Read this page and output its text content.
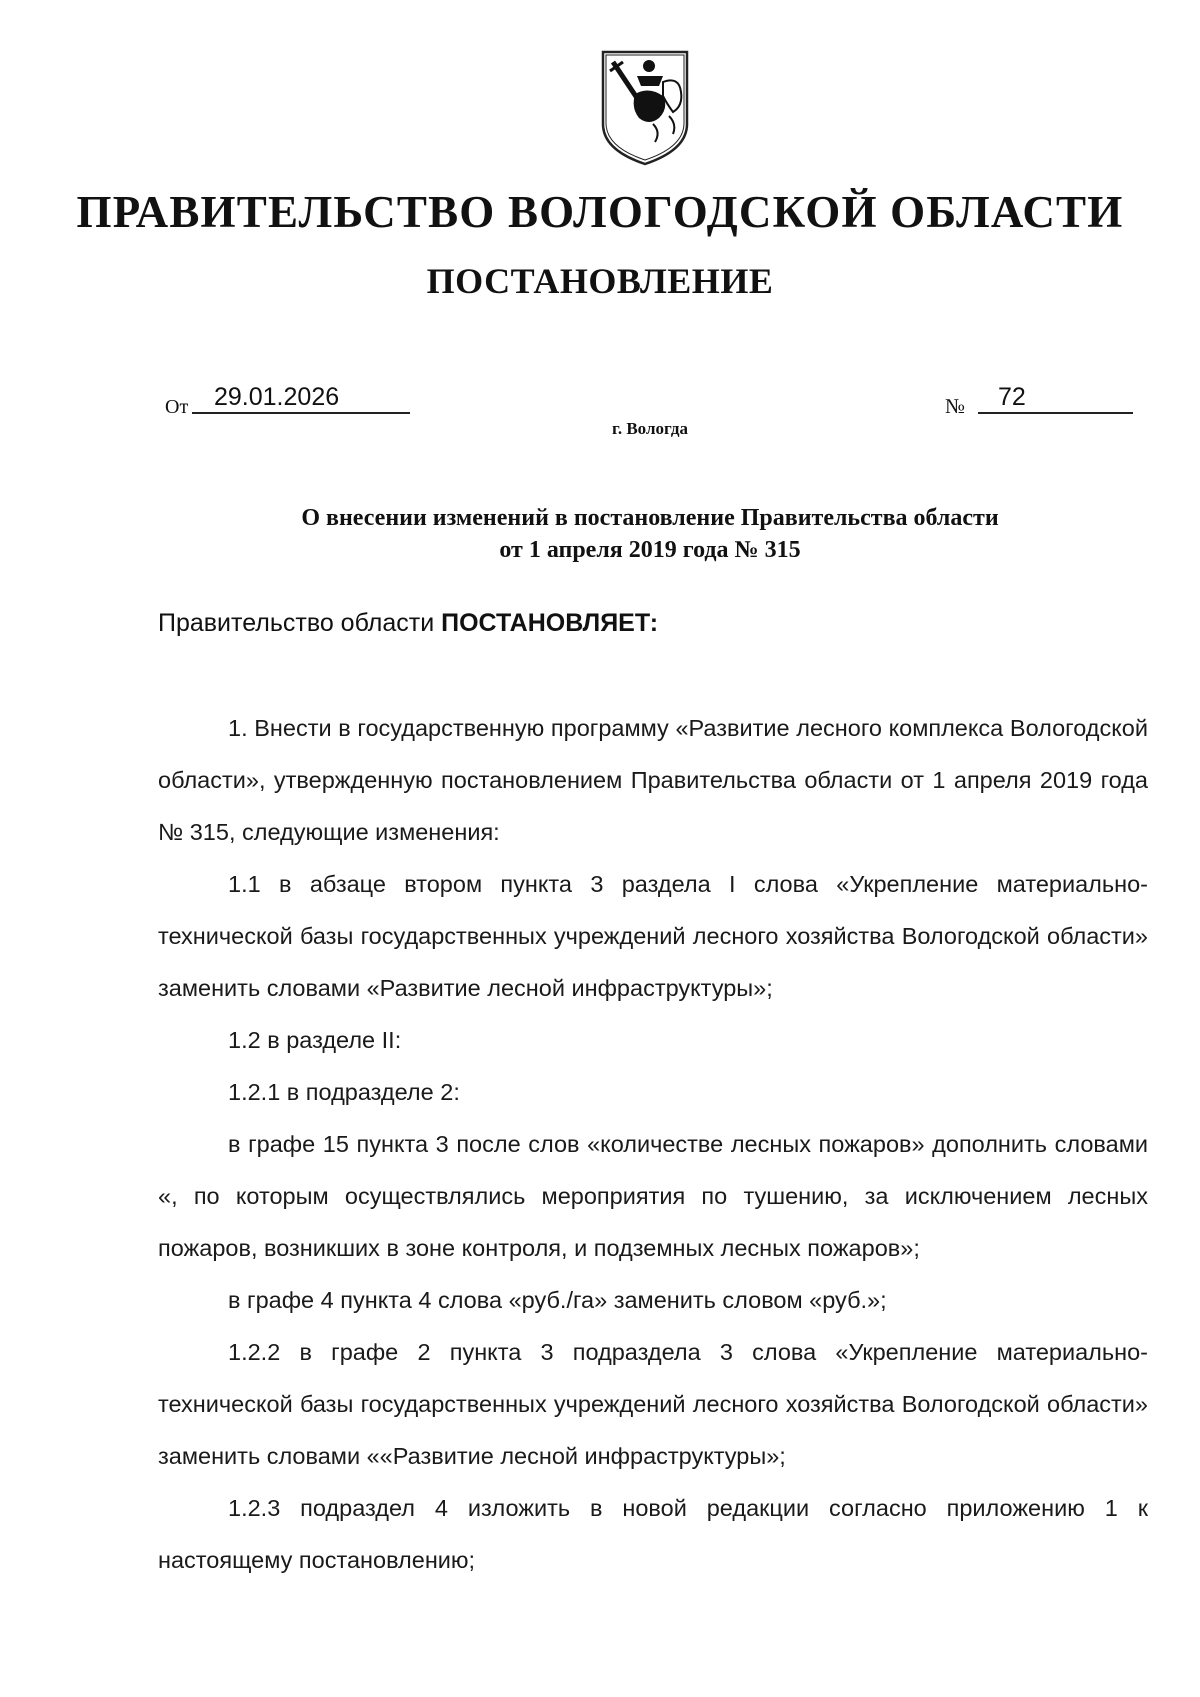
ПРАВИТЕЛЬСТВО ВОЛОГОДСКОЙ ОБЛАСТИ
ПОСТАНОВЛЕНИЕ
От	29.01.2026	№	72
г. Вологда
О внесении изменений в постановление Правительства области
от 1 апреля 2019 года № 315
Правительство области ПОСТАНОВЛЯЕТ:

1. Внести в государственную программу «Развитие лесного комплекса Вологодской области», утвержденную постановлением Правительства области от 1 апреля 2019 года № 315, следующие изменения:

1.1 в абзаце втором пункта 3 раздела I слова «Укрепление материально-технической базы государственных учреждений лесного хозяйства Вологодской области» заменить словами «Развитие лесной инфраструктуры»;

1.2 в разделе II:

1.2.1 в подразделе 2:

в графе 15 пункта 3 после слов «количестве лесных пожаров» дополнить словами «, по которым осуществлялись мероприятия по тушению, за исключением лесных пожаров, возникших в зоне контроля, и подземных лесных пожаров»;

в графе 4 пункта 4 слова «руб./га» заменить словом «руб.»;

1.2.2 в графе 2 пункта 3 подраздела 3 слова «Укрепление материально-технической базы государственных учреждений лесного хозяйства Вологодской области» заменить словами ««Развитие лесной инфраструктуры»;

1.2.3 подраздел 4 изложить в новой редакции согласно приложению 1 к настоящему постановлению;
